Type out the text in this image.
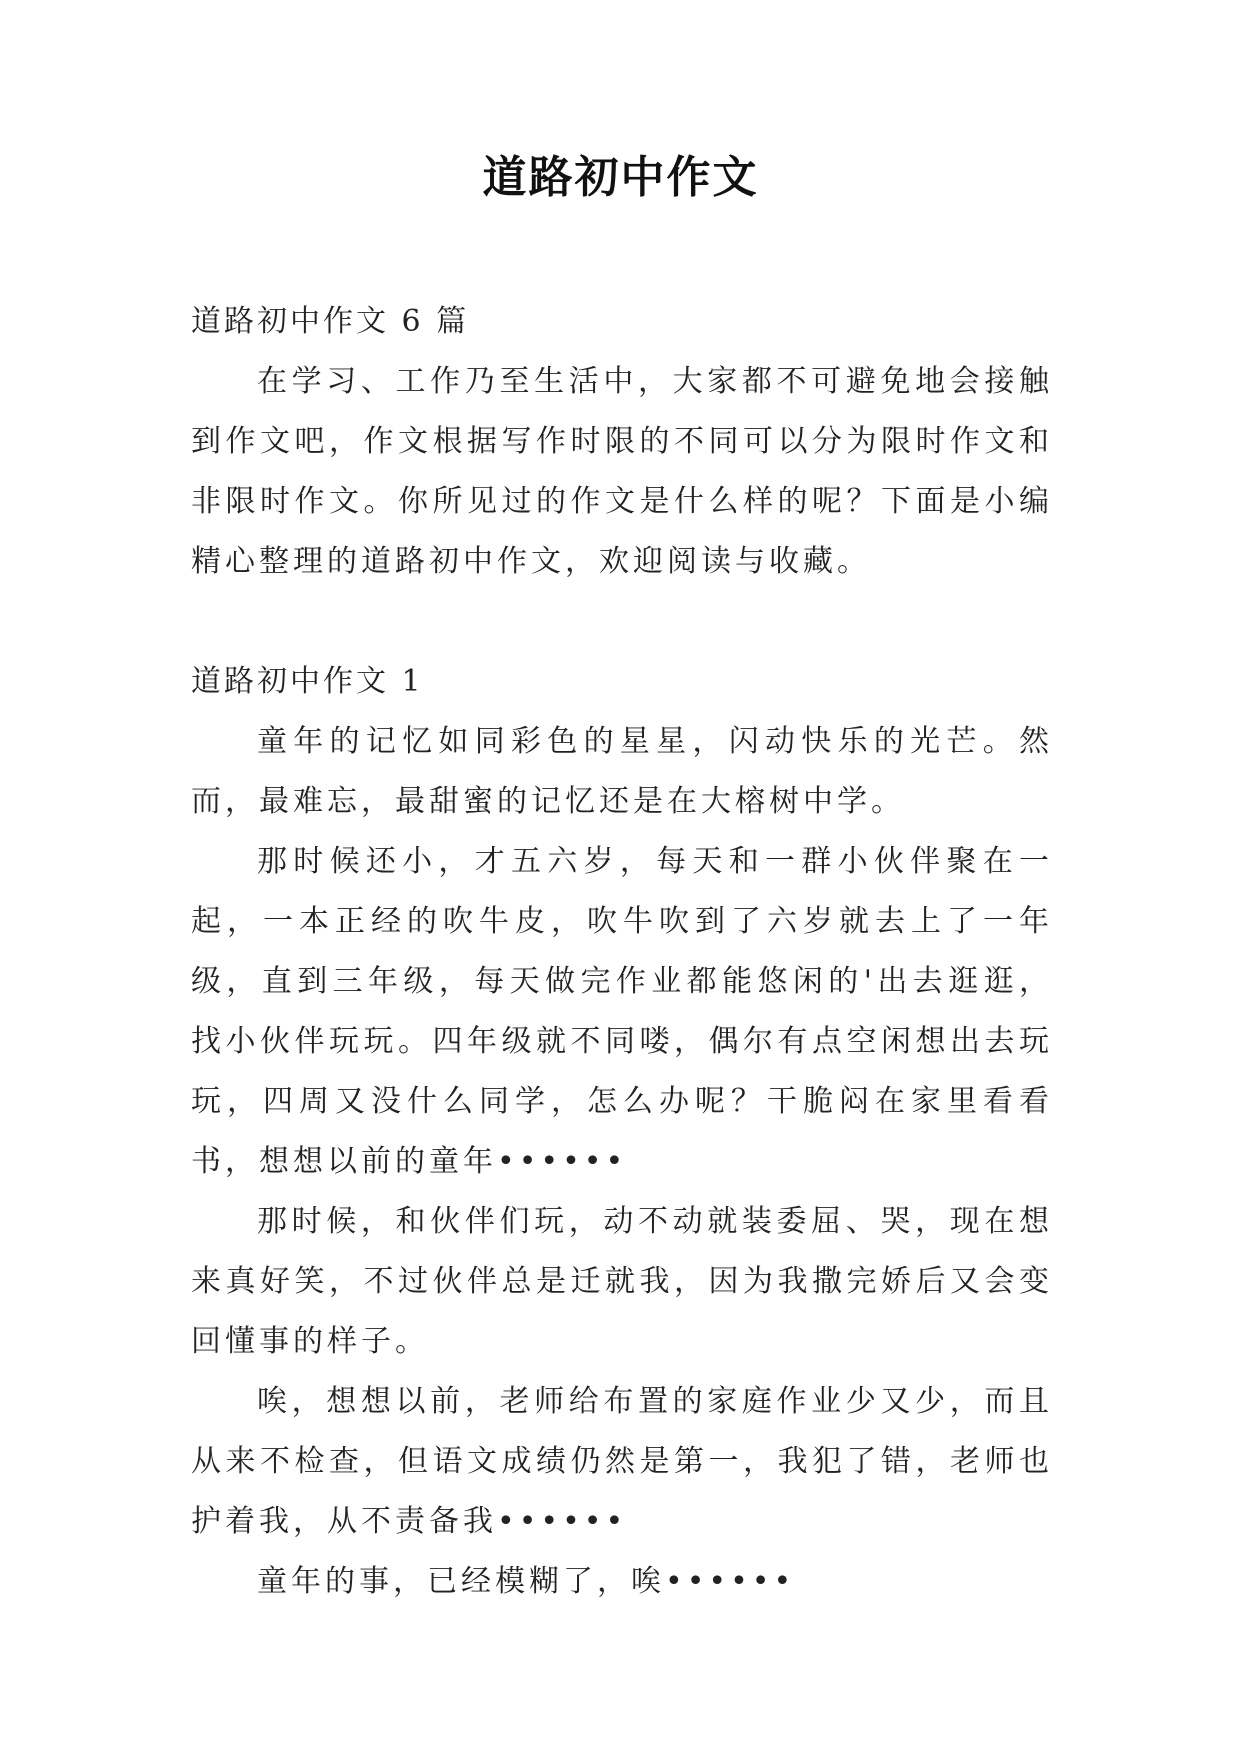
道路初中作文

道路初中作文 6 篇

在学习、工作乃至生活中，大家都不可避免地会接触到作文吧，作文根据写作时限的不同可以分为限时作文和非限时作文。你所见过的作文是什么样的呢？下面是小编精心整理的道路初中作文，欢迎阅读与收藏。

道路初中作文 1

童年的记忆如同彩色的星星，闪动快乐的光芒。然而，最难忘，最甜蜜的记忆还是在大榕树中学。

那时候还小，才五六岁，每天和一群小伙伴聚在一起，一本正经的吹牛皮，吹牛吹到了六岁就去上了一年级，直到三年级，每天做完作业都能悠闲的'出去逛逛，找小伙伴玩玩。四年级就不同喽，偶尔有点空闲想出去玩玩，四周又没什么同学，怎么办呢？干脆闷在家里看看书，想想以前的童年••••••

那时候，和伙伴们玩，动不动就装委屈、哭，现在想来真好笑，不过伙伴总是迁就我，因为我撒完娇后又会变回懂事的样子。

唉，想想以前，老师给布置的家庭作业少又少，而且从来不检查，但语文成绩仍然是第一，我犯了错，老师也护着我，从不责备我••••••

童年的事，已经模糊了，唉••••••
